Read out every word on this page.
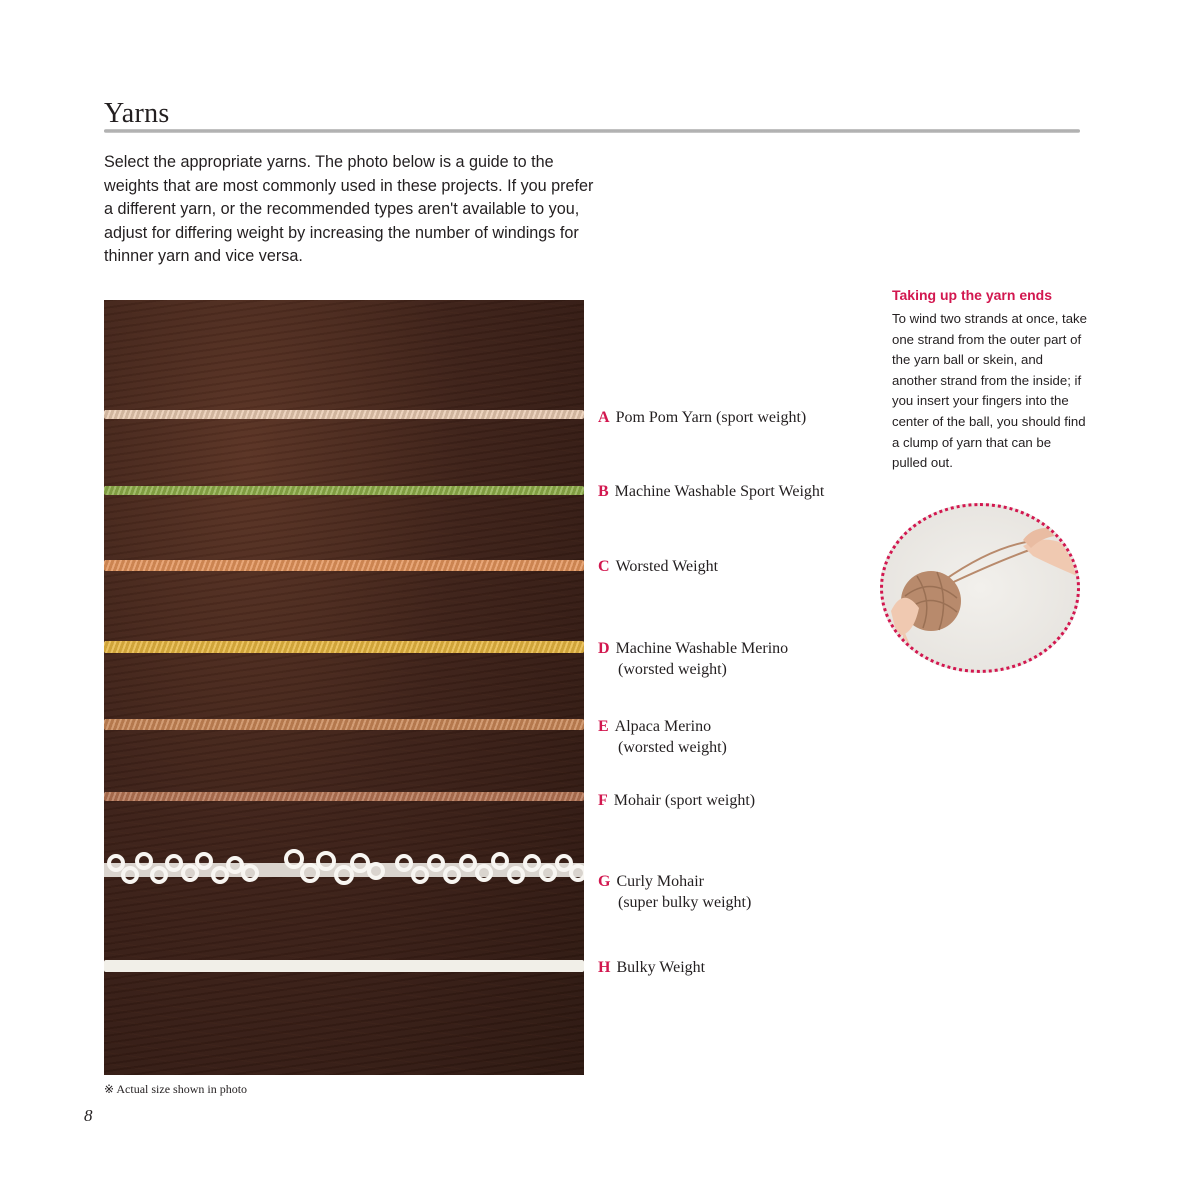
Yarns
Select the appropriate yarns. The photo below is a guide to the weights that are most commonly used in these projects. If you prefer a different yarn, or the recommended types aren't available to you, adjust for differing weight by increasing the number of windings for thinner yarn and vice versa.
A Pom Pom Yarn (sport weight)
B Machine Washable Sport Weight
C Worsted Weight
D Machine Washable Merino
(worsted weight)
E Alpaca Merino
(worsted weight)
F Mohair (sport weight)
G Curly Mohair
(super bulky weight)
H Bulky Weight
※ Actual size shown in photo
8
Taking up the yarn ends
To wind two strands at once, take one strand from the outer part of the yarn ball or skein, and another strand from the inside; if you insert your fingers into the center of the ball, you should find a clump of yarn that can be pulled out.
